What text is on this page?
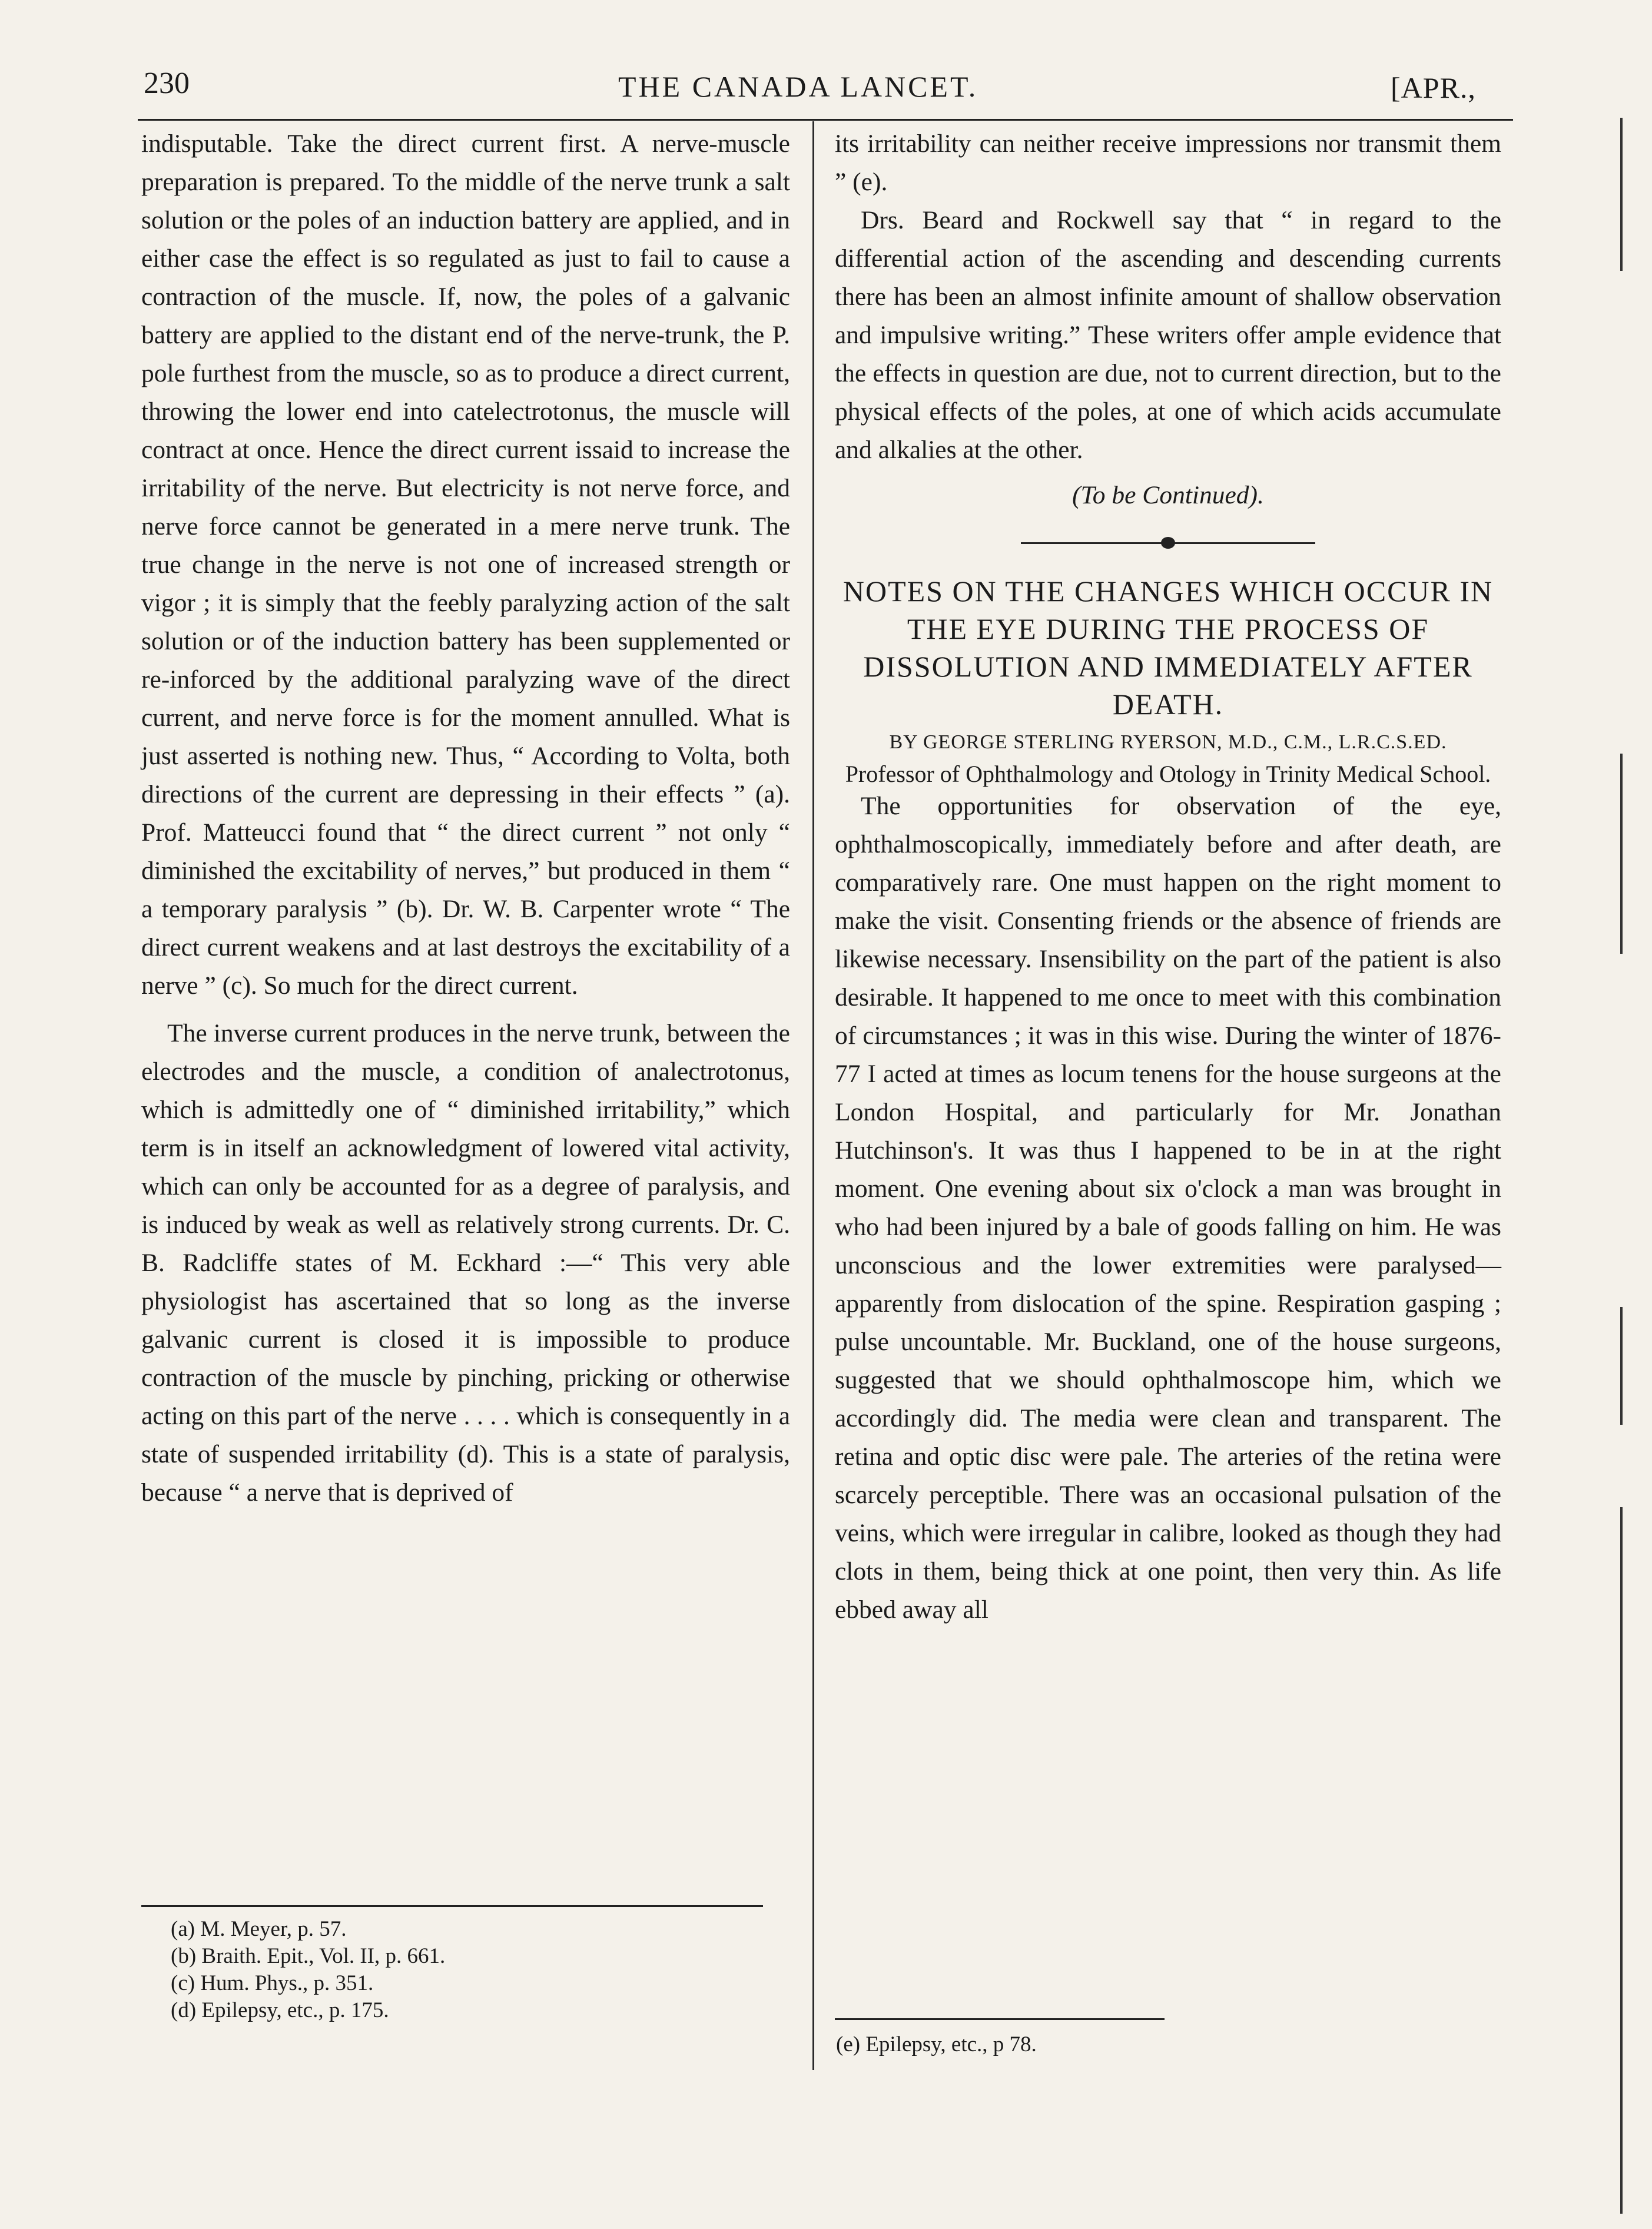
230	THE CANADA LANCET.	[APR.,

indisputable. Take the direct current first. A nerve-muscle preparation is prepared. To the middle of the nerve trunk a salt solution or the poles of an induction battery are applied, and in either case the effect is so regulated as just to fail to cause a contraction of the muscle. If, now, the poles of a galvanic battery are applied to the distant end of the nerve-trunk, the P. pole furthest from the muscle, so as to produce a direct current, throwing the lower end into catelectrotonus, the muscle will contract at once. Hence the direct current issaid to increase the irritability of the nerve. But electricity is not nerve force, and nerve force cannot be generated in a mere nerve trunk. The true change in the nerve is not one of increased strength or vigor ; it is simply that the feebly paralyzing action of the salt solution or of the induction battery has been supplemented or re-inforced by the additional paralyzing wave of the direct current, and nerve force is for the moment annulled. What is just asserted is nothing new. Thus, “ According to Volta, both directions of the current are depressing in their effects ” (a). Prof. Matteucci found that “ the direct current ” not only “ diminished the excitability of nerves,” but produced in them “ a temporary paralysis ” (b). Dr. W. B. Carpenter wrote “ The direct current weakens and at last destroys the excitability of a nerve ” (c). So much for the direct current.

The inverse current produces in the nerve trunk, between the electrodes and the muscle, a condition of analectrotonus, which is admittedly one of “ diminished irritability,” which term is in itself an acknowledgment of lowered vital activity, which can only be accounted for as a degree of paralysis, and is induced by weak as well as relatively strong currents. Dr. C. B. Radcliffe states of M. Eckhard :—“ This very able physiologist has ascertained that so long as the inverse galvanic current is closed it is impossible to produce contraction of the muscle by pinching, pricking or otherwise acting on this part of the nerve . . . . which is consequently in a state of suspended irritability (d). This is a state of paralysis, because “ a nerve that is deprived of

(a) M. Meyer, p. 57.
(b) Braith. Epit., Vol. II, p. 661.
(c) Hum. Phys., p. 351.
(d) Epilepsy, etc., p. 175.

its irritability can neither receive impressions nor transmit them ” (e).

Drs. Beard and Rockwell say that “ in regard to the differential action of the ascending and descending currents there has been an almost infinite amount of shallow observation and impulsive writing.” These writers offer ample evidence that the effects in question are due, not to current direction, but to the physical effects of the poles, at one of which acids accumulate and alkalies at the other.

(To be Continued).

NOTES ON THE CHANGES WHICH OCCUR IN THE EYE DURING THE PROCESS OF DISSOLUTION AND IMMEDIATELY AFTER DEATH.

BY GEORGE STERLING RYERSON, M.D., C.M., L.R.C.S.ED.

Professor of Ophthalmology and Otology in Trinity Medical School.

The opportunities for observation of the eye, ophthalmoscopically, immediately before and after death, are comparatively rare. One must happen on the right moment to make the visit. Consenting friends or the absence of friends are likewise necessary. Insensibility on the part of the patient is also desirable. It happened to me once to meet with this combination of circumstances ; it was in this wise. During the winter of 1876-77 I acted at times as locum tenens for the house surgeons at the London Hospital, and particularly for Mr. Jonathan Hutchinson's. It was thus I happened to be in at the right moment. One evening about six o'clock a man was brought in who had been injured by a bale of goods falling on him. He was unconscious and the lower extremities were paralysed—apparently from dislocation of the spine. Respiration gasping ; pulse uncountable. Mr. Buckland, one of the house surgeons, suggested that we should ophthalmoscope him, which we accordingly did. The media were clean and transparent. The retina and optic disc were pale. The arteries of the retina were scarcely perceptible. There was an occasional pulsation of the veins, which were irregular in calibre, looked as though they had clots in them, being thick at one point, then very thin. As life ebbed away all

(e) Epilepsy, etc., p 78.
